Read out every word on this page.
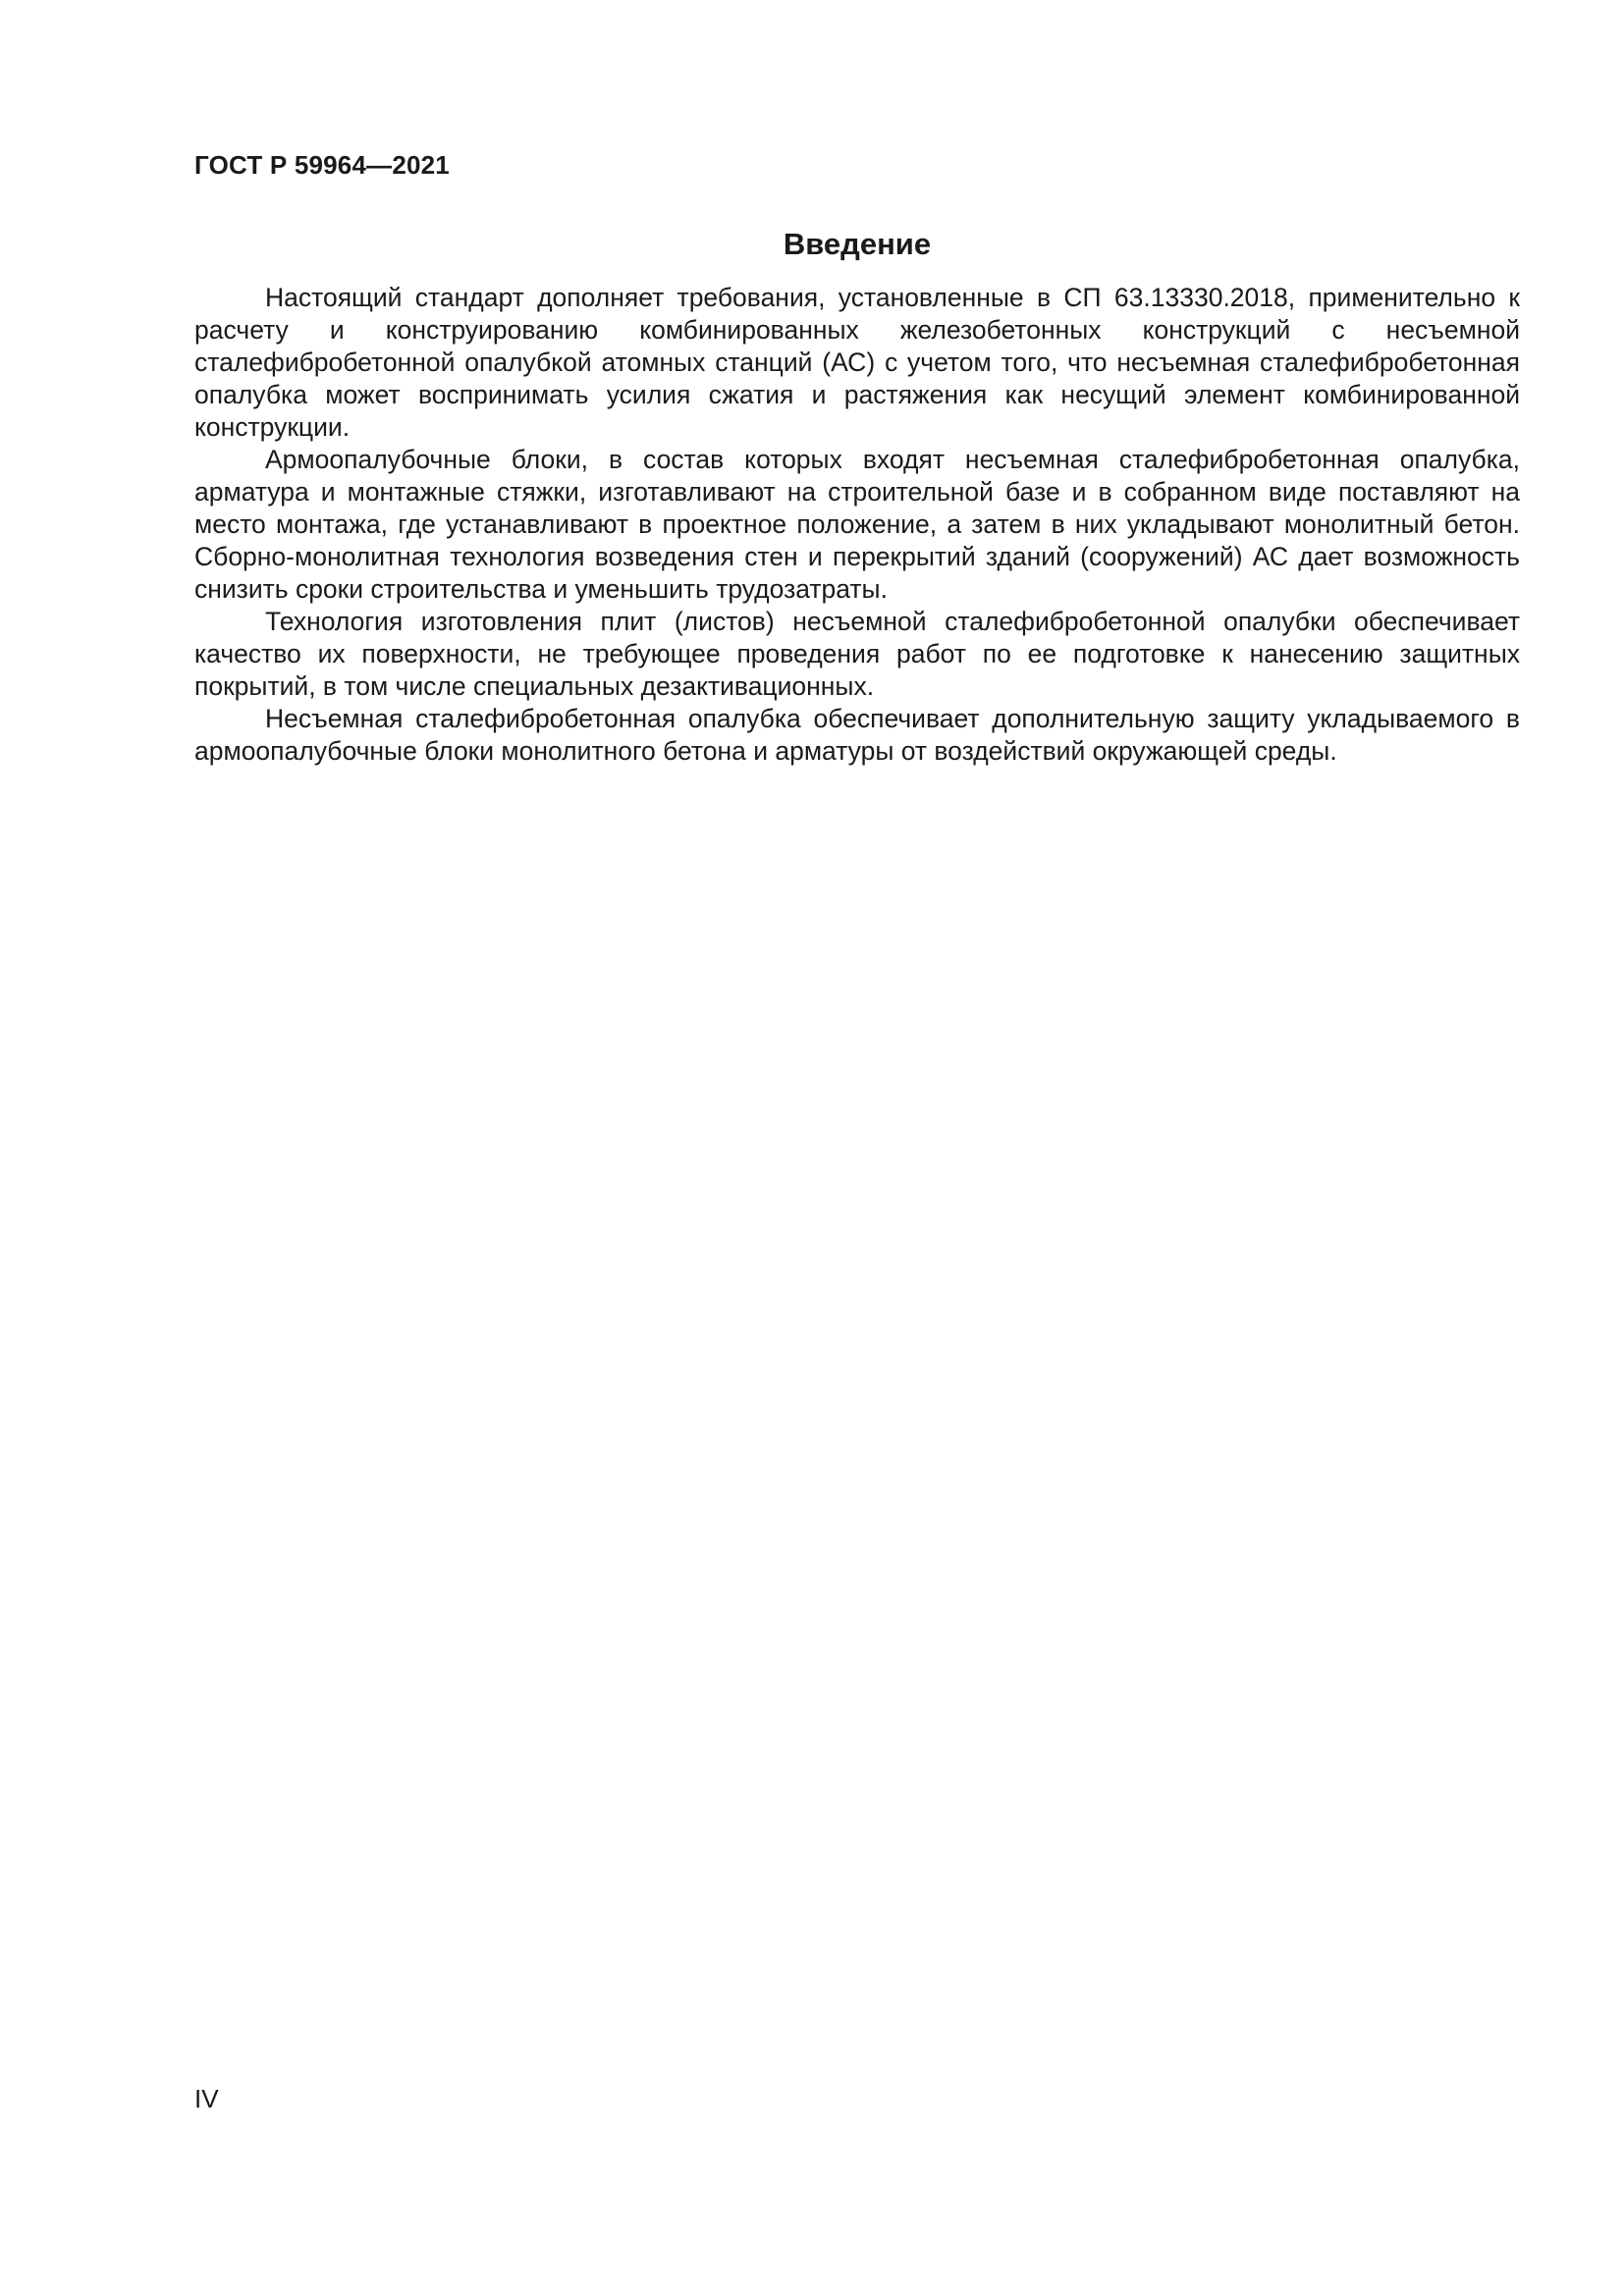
ГОСТ Р 59964—2021
Введение

Настоящий стандарт дополняет требования, установленные в СП 63.13330.2018, применительно к расчету и конструированию комбинированных железобетонных конструкций с несъемной сталефибробетонной опалубкой атомных станций (АС) с учетом того, что несъемная сталефибробетонная опалубка может воспринимать усилия сжатия и растяжения как несущий элемент комбинированной конструкции.

Армоопалубочные блоки, в состав которых входят несъемная сталефибробетонная опалубка, арматура и монтажные стяжки, изготавливают на строительной базе и в собранном виде поставляют на место монтажа, где устанавливают в проектное положение, а затем в них укладывают монолитный бетон. Сборно-монолитная технология возведения стен и перекрытий зданий (сооружений) АС дает возможность снизить сроки строительства и уменьшить трудозатраты.

Технология изготовления плит (листов) несъемной сталефибробетонной опалубки обеспечивает качество их поверхности, не требующее проведения работ по ее подготовке к нанесению защитных покрытий, в том числе специальных дезактивационных.

Несъемная сталефибробетонная опалубка обеспечивает дополнительную защиту укладываемого в армоопалубочные блоки монолитного бетона и арматуры от воздействий окружающей среды.

IV
